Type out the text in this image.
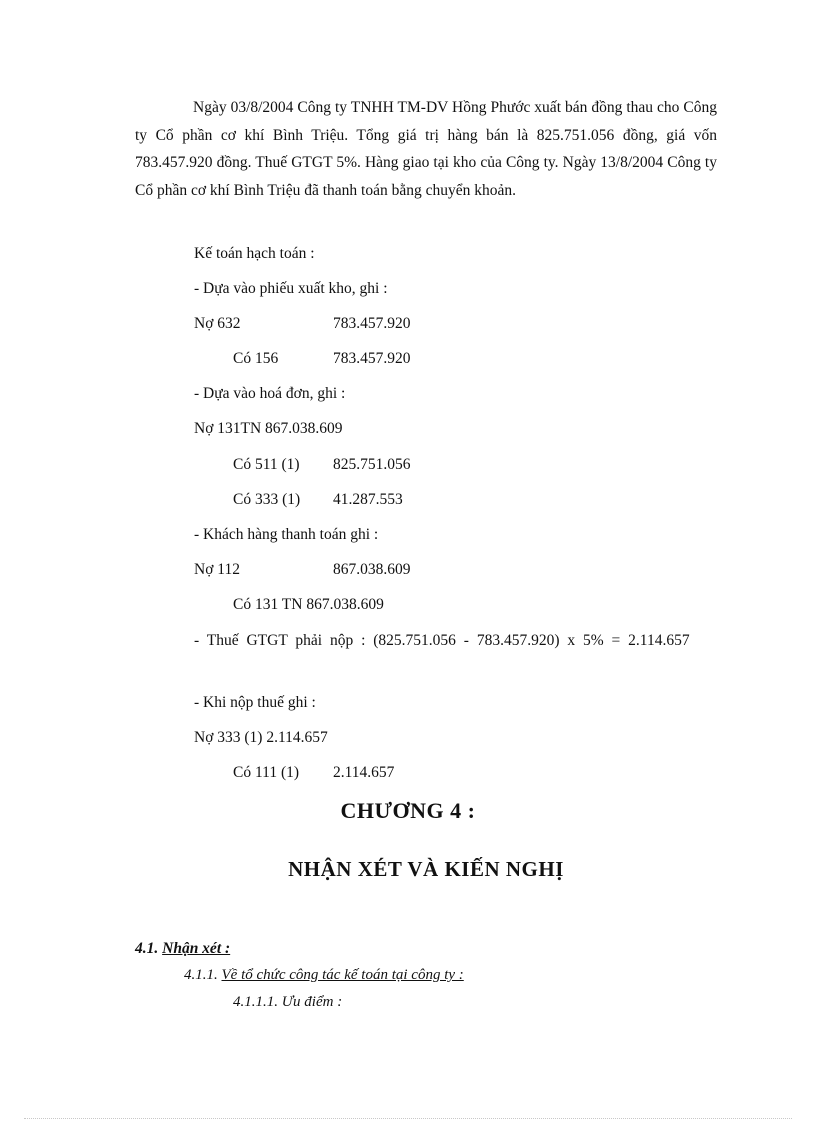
Ngày 03/8/2004 Công ty TNHH TM-DV Hồng Phước xuất bán đồng thau cho Công ty Cổ phần cơ khí Bình Triệu. Tổng giá trị hàng bán là 825.751.056 đồng, giá vốn 783.457.920 đồng. Thuế GTGT 5%. Hàng giao tại kho của Công ty. Ngày 13/8/2004 Công ty Cổ phần cơ khí Bình Triệu đã thanh toán bằng chuyển khoản.
Kế toán hạch toán :
- Dựa vào phiếu xuất kho, ghi :
Nợ 632	783.457.920
Có 156	783.457.920
- Dựa vào hoá đơn, ghi :
Nợ 131TN 867.038.609
Có 511 (1) 825.751.056
Có 333 (1) 41.287.553
- Khách hàng thanh toán ghi :
Nợ 112	867.038.609
Có 131 TN 867.038.609
- Thuế GTGT phải nộp : (825.751.056 - 783.457.920) x 5% = 2.114.657
- Khi nộp thuế ghi :
Nợ 333 (1) 2.114.657
Có 111 (1) 2.114.657
CHƯƠNG 4 :
NHẬN XÉT VÀ KIẾN NGHỊ
4.1. Nhận xét :
4.1.1. Về tổ chức công tác kế toán tại công ty :
4.1.1.1. Ưu điểm :
